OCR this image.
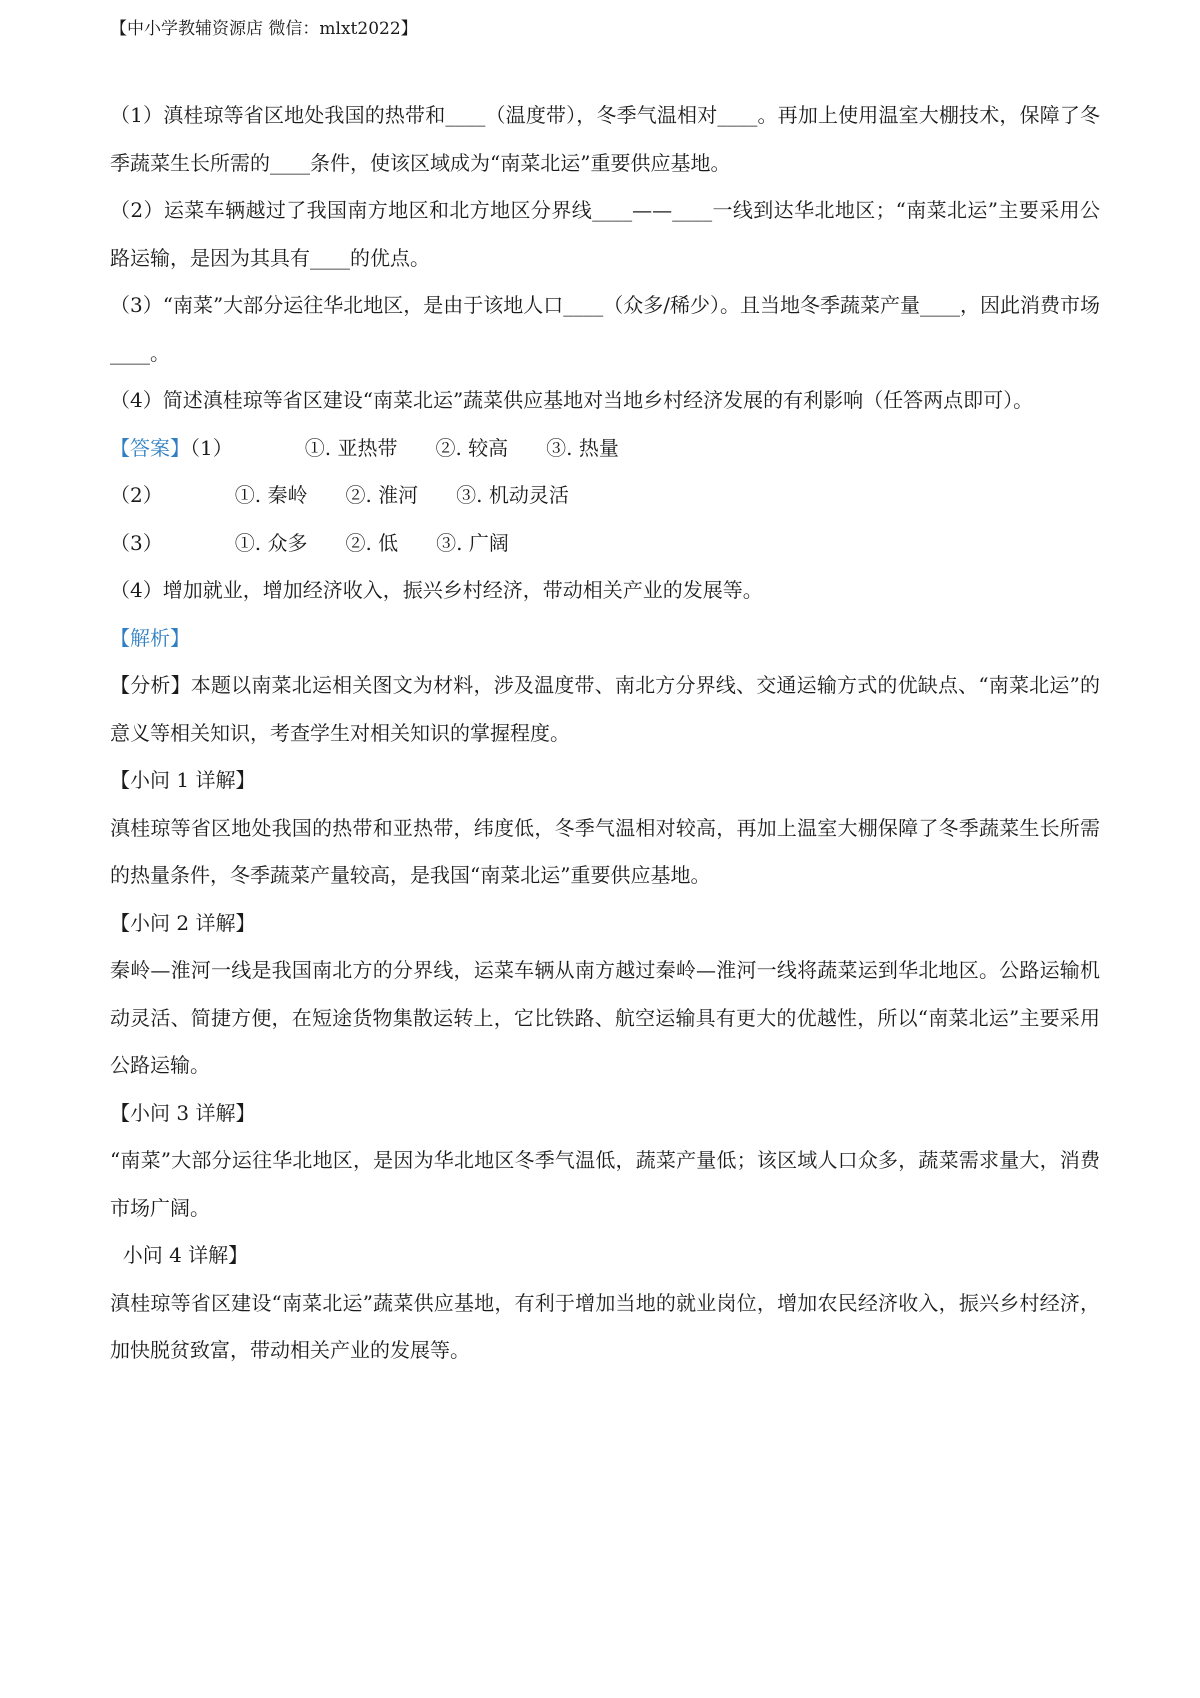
【中小学教辅资源店 微信：mlxt2022】

（1）滇桂琼等省区地处我国的热带和____（温度带），冬季气温相对____。再加上使用温室大棚技术，保障了冬季蔬菜生长所需的____条件，使该区域成为“南菜北运”重要供应基地。

（2）运菜车辆越过了我国南方地区和北方地区分界线____——____一线到达华北地区；“南菜北运”主要采用公路运输，是因为其具有____的优点。

（3）“南菜”大部分运往华北地区，是由于该地人口____（众多/稀少）。且当地冬季蔬菜产量____，因此消费市场____。

（4）简述滇桂琼等省区建设“南菜北运”蔬菜供应基地对当地乡村经济发展的有利影响（任答两点即可）。

【答案】（1）	①. 亚热带 ②. 较高 ③. 热量

（2）	①. 秦岭 ②. 淮河 ③. 机动灵活

（3）	①. 众多 ②. 低 ③. 广阔

（4）增加就业，增加经济收入，振兴乡村经济，带动相关产业的发展等。

【解析】

【分析】本题以南菜北运相关图文为材料，涉及温度带、南北方分界线、交通运输方式的优缺点、“南菜北运”的意义等相关知识，考查学生对相关知识的掌握程度。

【小问 1 详解】

滇桂琼等省区地处我国的热带和亚热带，纬度低，冬季气温相对较高，再加上温室大棚保障了冬季蔬菜生长所需的热量条件，冬季蔬菜产量较高，是我国“南菜北运”重要供应基地。

【小问 2 详解】

秦岭—淮河一线是我国南北方的分界线，运菜车辆从南方越过秦岭—淮河一线将蔬菜运到华北地区。公路运输机动灵活、简捷方便，在短途货物集散运转上，它比铁路、航空运输具有更大的优越性，所以“南菜北运”主要采用公路运输。

【小问 3 详解】

“南菜”大部分运往华北地区，是因为华北地区冬季气温低，蔬菜产量低；该区域人口众多，蔬菜需求量大，消费市场广阔。

小问 4 详解】

滇桂琼等省区建设“南菜北运”蔬菜供应基地，有利于增加当地的就业岗位，增加农民经济收入，振兴乡村经济，加快脱贫致富，带动相关产业的发展等。
